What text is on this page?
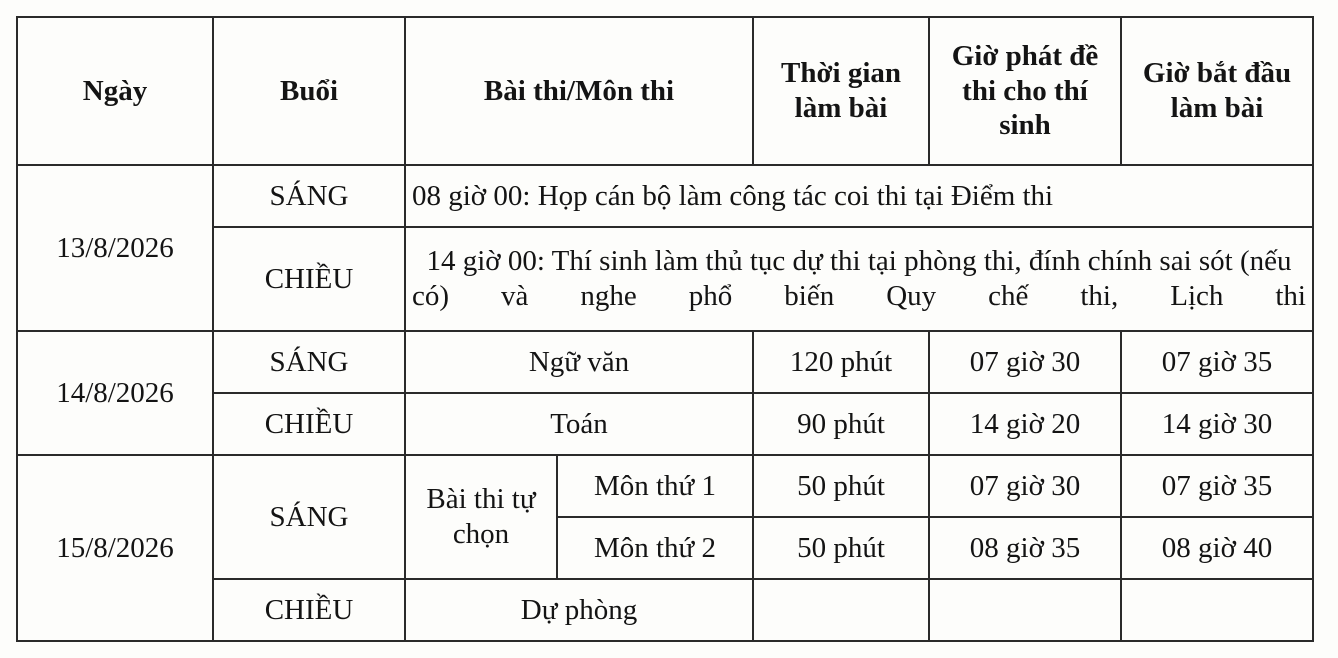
Ngày	Buổi	Bài thi/Môn thi		Thời gian làm bài	Giờ phát đề thi cho thí sinh	Giờ bắt đầu làm bài
13/8/2026	SÁNG	08 giờ 00: Họp cán bộ làm công tác coi thi tại Điểm thi				
	CHIỀU	14 giờ 00: Thí sinh làm thủ tục dự thi tại phòng thi, đính chính sai sót (nếu có) và nghe phổ biến Quy chế thi, Lịch thi				
14/8/2026	SÁNG	Ngữ văn		120 phút	07 giờ 30	07 giờ 35
	CHIỀU	Toán		90 phút	14 giờ 20	14 giờ 30
15/8/2026	SÁNG	Bài thi tự chọn	Môn thứ 1	50 phút	07 giờ 30	07 giờ 35
			Môn thứ 2	50 phút	08 giờ 35	08 giờ 40
	CHIỀU	Dự phòng				
